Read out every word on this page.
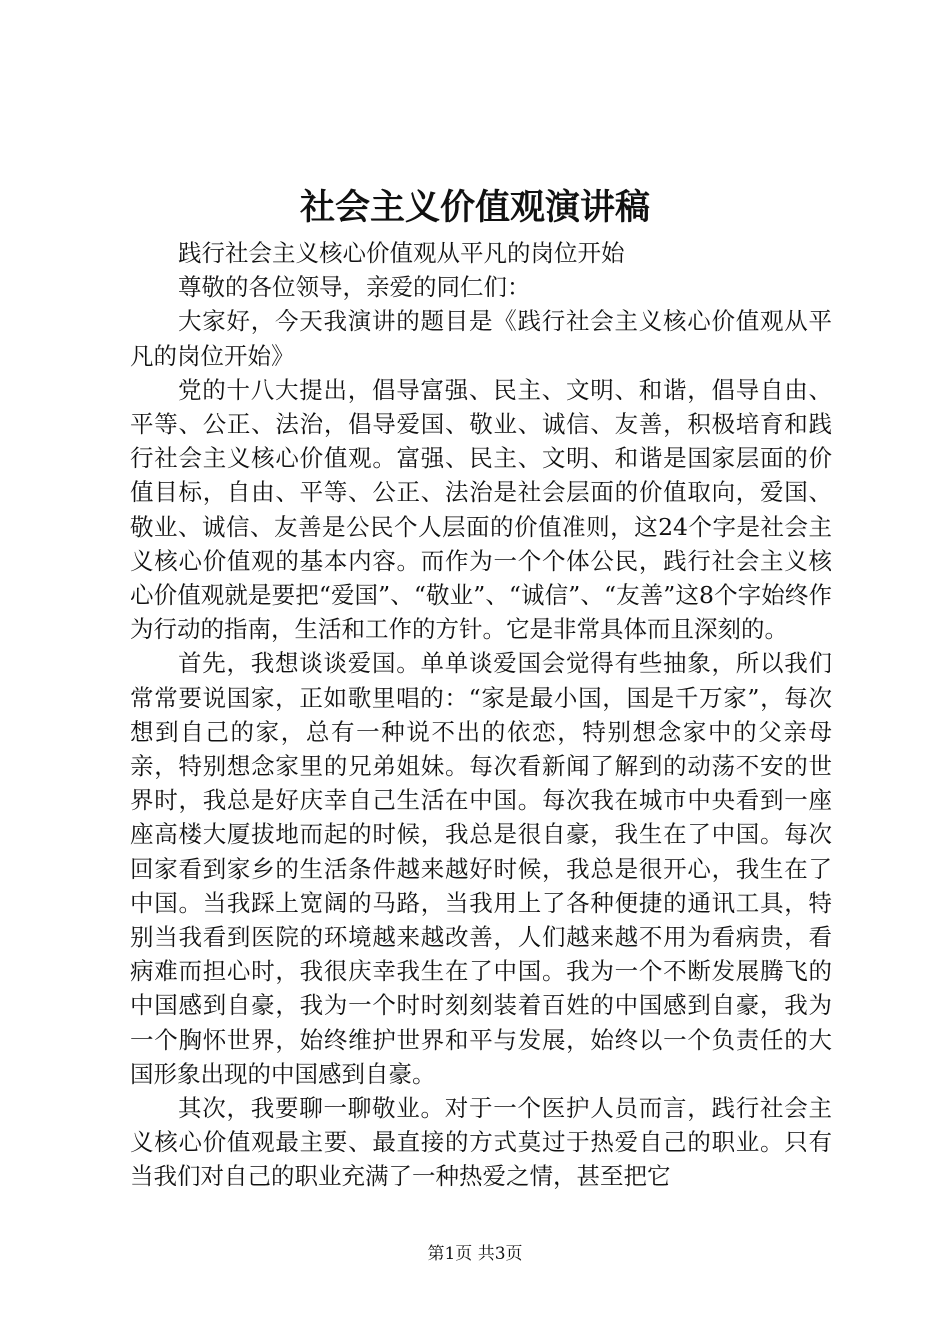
社会主义价值观演讲稿

践行社会主义核心价值观从平凡的岗位开始

尊敬的各位领导，亲爱的同仁们：

大家好，今天我演讲的题目是《践行社会主义核心价值观从平凡的岗位开始》

党的十八大提出，倡导富强、民主、文明、和谐，倡导自由、平等、公正、法治，倡导爱国、敬业、诚信、友善，积极培育和践行社会主义核心价值观。富强、民主、文明、和谐是国家层面的价值目标，自由、平等、公正、法治是社会层面的价值取向，爱国、敬业、诚信、友善是公民个人层面的价值准则，这24个字是社会主义核心价值观的基本内容。而作为一个个体公民，践行社会主义核心价值观就是要把“爱国”、“敬业”、“诚信”、“友善”这8个字始终作为行动的指南，生活和工作的方针。它是非常具体而且深刻的。

首先，我想谈谈爱国。单单谈爱国会觉得有些抽象，所以我们常常要说国家，正如歌里唱的：“家是最小国，国是千万家”，每次想到自己的家，总有一种说不出的依恋，特别想念家中的父亲母亲，特别想念家里的兄弟姐妹。每次看新闻了解到的动荡不安的世界时，我总是好庆幸自己生活在中国。每次我在城市中央看到一座座高楼大厦拔地而起的时候，我总是很自豪，我生在了中国。每次回家看到家乡的生活条件越来越好时候，我总是很开心，我生在了中国。当我踩上宽阔的马路，当我用上了各种便捷的通讯工具，特别当我看到医院的环境越来越改善，人们越来越不用为看病贵，看病难而担心时，我很庆幸我生在了中国。我为一个不断发展腾飞的中国感到自豪，我为一个时时刻刻装着百姓的中国感到自豪，我为一个胸怀世界，始终维护世界和平与发展，始终以一个负责任的大国形象出现的中国感到自豪。

其次，我要聊一聊敬业。对于一个医护人员而言，践行社会主义核心价值观最主要、最直接的方式莫过于热爱自己的职业。只有当我们对自己的职业充满了一种热爱之情，甚至把它

第1页 共3页
